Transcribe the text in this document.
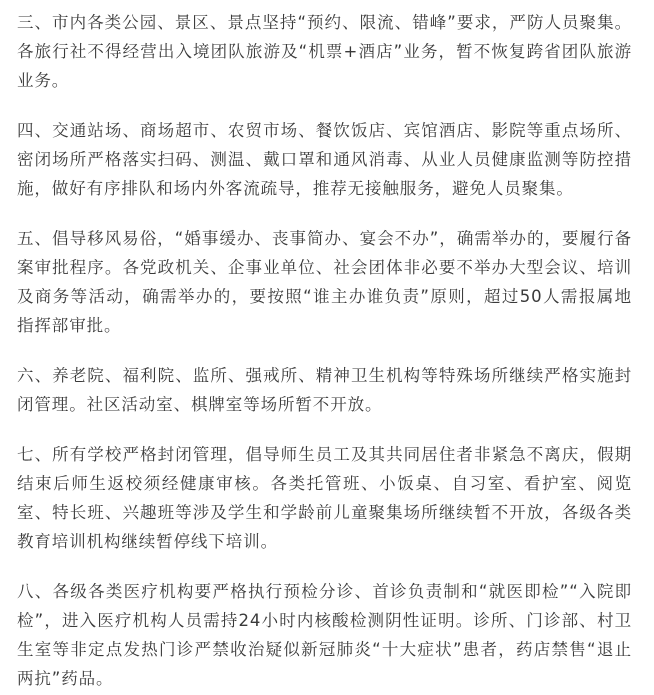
三、市内各类公园、景区、景点坚持“预约、限流、错峰”要求，严防人员聚集。各旅行社不得经营出入境团队旅游及“机票+酒店”业务，暂不恢复跨省团队旅游业务。

四、交通站场、商场超市、农贸市场、餐饮饭店、宾馆酒店、影院等重点场所、密闭场所严格落实扫码、测温、戴口罩和通风消毒、从业人员健康监测等防控措施，做好有序排队和场内外客流疏导，推荐无接触服务，避免人员聚集。

五、倡导移风易俗，“婚事缓办、丧事简办、宴会不办”，确需举办的，要履行备案审批程序。各党政机关、企事业单位、社会团体非必要不举办大型会议、培训及商务等活动，确需举办的，要按照“谁主办谁负责”原则，超过50人需报属地指挥部审批。

六、养老院、福利院、监所、强戒所、精神卫生机构等特殊场所继续严格实施封闭管理。社区活动室、棋牌室等场所暂不开放。

七、所有学校严格封闭管理，倡导师生员工及其共同居住者非紧急不离庆，假期结束后师生返校须经健康审核。各类托管班、小饭桌、自习室、看护室、阅览室、特长班、兴趣班等涉及学生和学龄前儿童聚集场所继续暂不开放，各级各类教育培训机构继续暂停线下培训。

八、各级各类医疗机构要严格执行预检分诊、首诊负责制和“就医即检”“入院即检”，进入医疗机构人员需持24小时内核酸检测阴性证明。诊所、门诊部、村卫生室等非定点发热门诊严禁收治疑似新冠肺炎“十大症状”患者，药店禁售“退止两抗”药品。
